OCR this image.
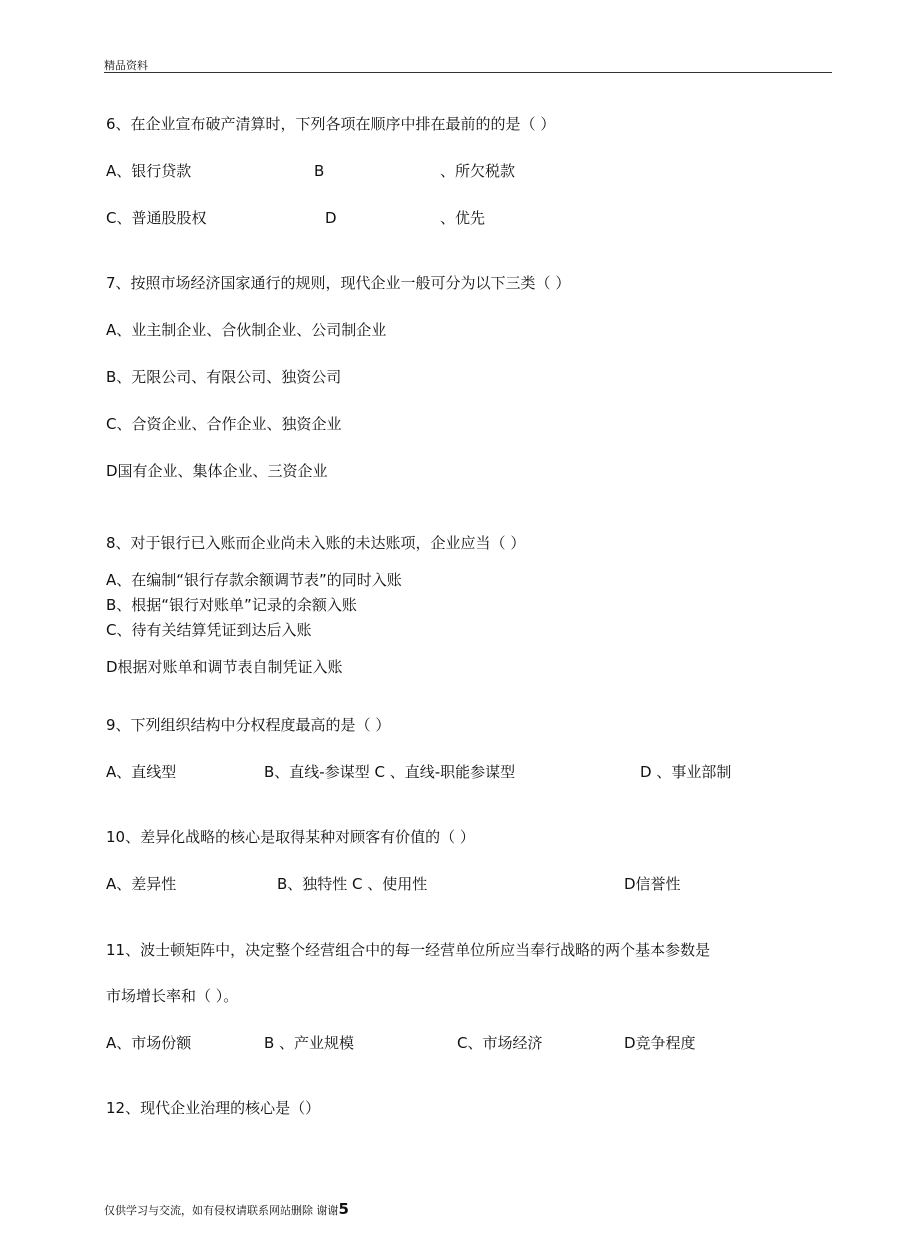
精品资料
6、在企业宣布破产清算时，下列各项在顺序中排在最前的的是（ ）
A、银行贷款	B	、所欠税款
C、普通股股权	D	、优先
7、按照市场经济国家通行的规则，现代企业一般可分为以下三类（ ）
A、业主制企业、合伙制企业、公司制企业
B、无限公司、有限公司、独资公司
C、合资企业、合作企业、独资企业
D国有企业、集体企业、三资企业
8、对于银行已入账而企业尚未入账的未达账项，企业应当（ ）
A、在编制“银行存款余额调节表”的同时入账
B、根据“银行对账单”记录的余额入账
C、待有关结算凭证到达后入账
D根据对账单和调节表自制凭证入账
9、下列组织结构中分权程度最高的是（ ）
A、直线型	B、直线-参谋型 C 、直线-职能参谋型	D 、事业部制
10、差异化战略的核心是取得某种对顾客有价值的（ ）
A、差异性	B、独特性 C 、使用性	D信誉性
11、波士顿矩阵中，决定整个经营组合中的每一经营单位所应当奉行战略的两个基本参数是
市场增长率和（ ）。
A、市场份额	B 、产业规模	C、市场经济	D竞争程度
12、现代企业治理的核心是（）
仅供学习与交流，如有侵权请联系网站删除 谢谢5
